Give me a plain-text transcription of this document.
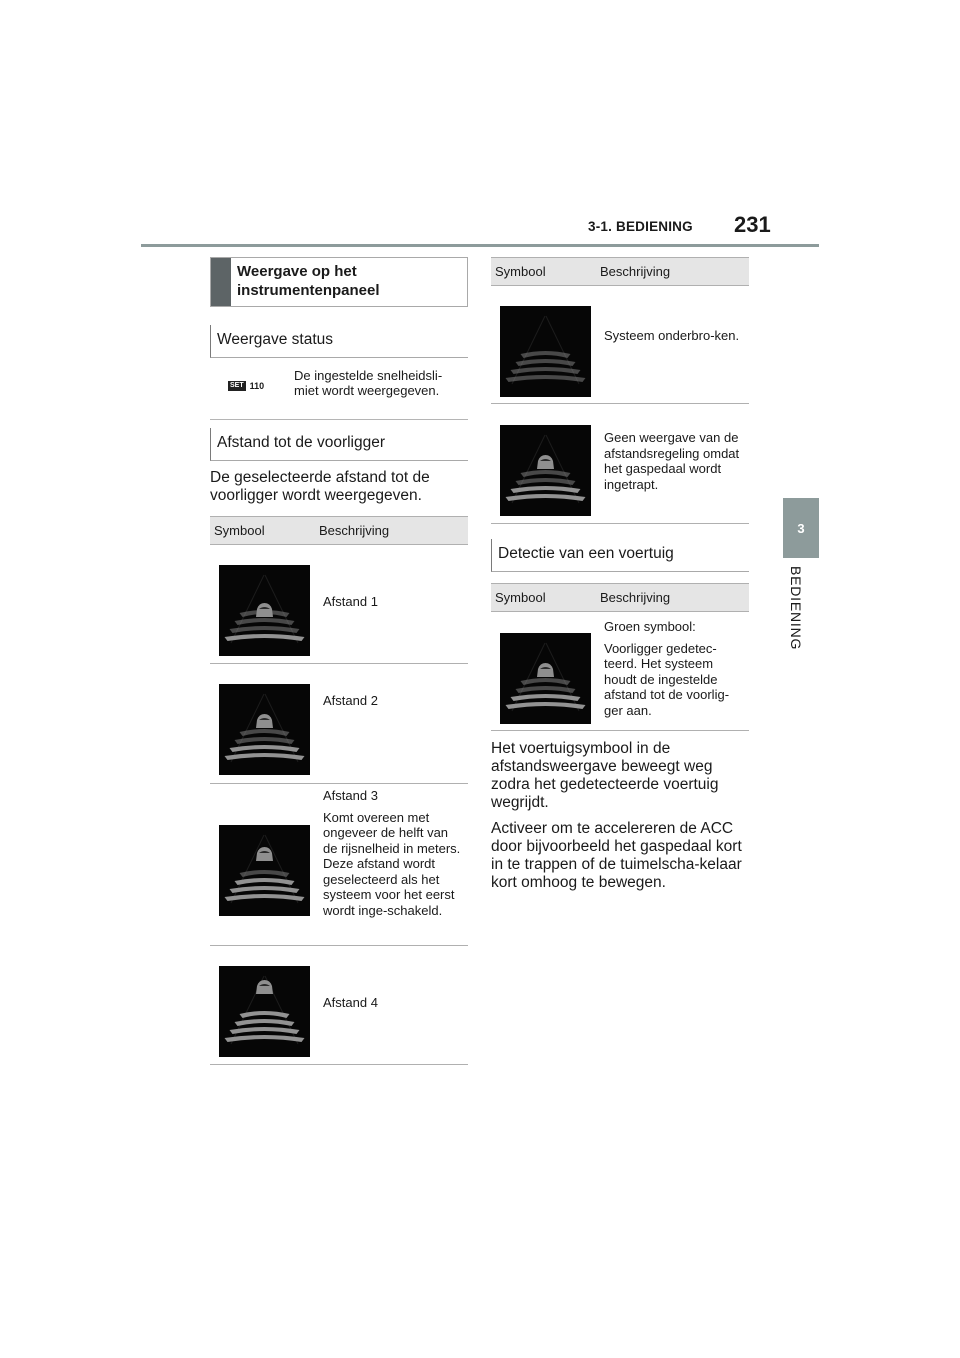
3-1. BEDIENING 231
3
BEDIENING
Weergave op het instrumentenpaneel
Weergave status
SET 110
De ingestelde snelheidsli-miet wordt weergegeven.
Afstand tot de voorligger
De geselecteerde afstand tot de voorligger wordt weergegeven.
Symbool	Beschrijving

Afstand 1

Afstand 2

Afstand 3

Komt overeen met ongeveer de helft van de rijsnelheid in meters. Deze afstand wordt geselecteerd als het systeem voor het eerst wordt inge-schakeld.

Afstand 4

Symbool	Beschrijving

Systeem onderbro-ken.

Geen weergave van de afstandsregeling omdat het gaspedaal wordt ingetrapt.

Detectie van een voertuig
Symbool	Beschrijving

Groen symbool:

Voorligger gedetec-teerd. Het systeem houdt de ingestelde afstand tot de voorlig-ger aan.

Het voertuigsymbool in de afstandsweergave beweegt weg zodra het gedetecteerde voertuig wegrijdt.
Activeer om te accelereren de ACC door bijvoorbeeld het gaspedaal kort in te trappen of de tuimelscha-kelaar kort omhoog te bewegen.
